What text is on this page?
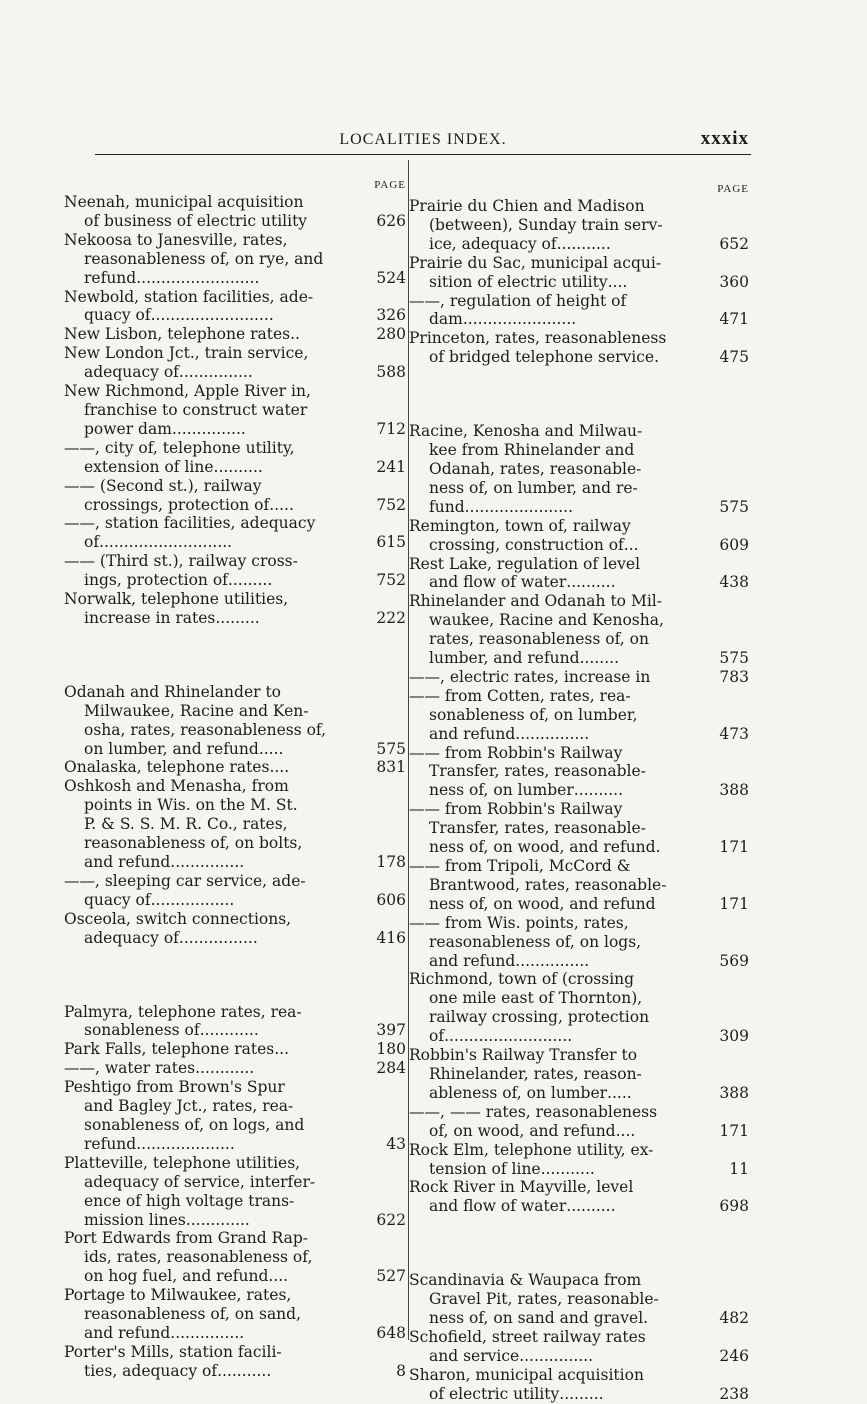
LOCALITIES INDEX.	xxxix
PAGE
Neenah, municipal acquisition
of business of electric utility	626
Nekoosa to Janesville, rates,
reasonableness of, on rye, and
refund .........................	524
Newbold, station facilities, ade-
quacy of .........................	326
New Lisbon, telephone rates ..	280
New London Jct., train service,
adequacy of ...............	588
New Richmond, Apple River in,
franchise to construct water
power dam ...............	712
——, city of, telephone utility,
extension of line ..........	241
—— (Second st.), railway
crossings, protection of .....	752
——, station facilities, adequacy
of ...........................	615
—— (Third st.), railway cross-
ings, protection of .........	752
Norwalk, telephone utilities,
increase in rates .........	222
Odanah and Rhinelander to
Milwaukee, Racine and Ken-
osha, rates, reasonableness of,
on lumber, and refund .....	575
Onalaska, telephone rates ....	831
Oshkosh and Menasha, from
points in Wis. on the M. St.
P. & S. S. M. R. Co., rates,
reasonableness of, on bolts,
and refund ...............	178
——, sleeping car service, ade-
quacy of .................	606
Osceola, switch connections,
adequacy of ................	416
Palmyra, telephone rates, rea-
sonableness of ............	397
Park Falls, telephone rates ...	180
——, water rates ............	284
Peshtigo from Brown's Spur
and Bagley Jct., rates, rea-
sonableness of, on logs, and
refund ....................	43
Platteville, telephone utilities,
adequacy of service, interfer-
ence of high voltage trans-
mission lines .............	622
Port Edwards from Grand Rap-
ids, rates, reasonableness of,
on hog fuel, and refund ....	527
Portage to Milwaukee, rates,
reasonableness of, on sand,
and refund ...............	648
Porter's Mills, station facili-
ties, adequacy of ...........	8
PAGE
Prairie du Chien and Madison
(between), Sunday train serv-
ice, adequacy of ...........	652
Prairie du Sac, municipal acqui-
sition of electric utility ....	360
——, regulation of height of
dam .......................	471
Princeton, rates, reasonableness
of bridged telephone service.	475
Racine, Kenosha and Milwau-
kee from Rhinelander and
Odanah, rates, reasonable-
ness of, on lumber, and re-
fund ......................	575
Remington, town of, railway
crossing, construction of ...	609
Rest Lake, regulation of level
and flow of water ..........	438
Rhinelander and Odanah to Mil-
waukee, Racine and Kenosha,
rates, reasonableness of, on
lumber, and refund ........	575
——, electric rates, increase in	783
—— from Cotten, rates, rea-
sonableness of, on lumber,
and refund ...............	473
—— from Robbin's Railway
Transfer, rates, reasonable-
ness of, on lumber ..........	388
—— from Robbin's Railway
Transfer, rates, reasonable-
ness of, on wood, and refund.	171
—— from Tripoli, McCord &
Brantwood, rates, reasonable-
ness of, on wood, and refund	171
—— from Wis. points, rates,
reasonableness of, on logs,
and refund ...............	569
Richmond, town of (crossing
one mile east of Thornton),
railway crossing, protection
of ..........................	309
Robbin's Railway Transfer to
Rhinelander, rates, reason-
ableness of, on lumber .....	388
——, —— rates, reasonableness
of, on wood, and refund ....	171
Rock Elm, telephone utility, ex-
tension of line ...........	11
Rock River in Mayville, level
and flow of water ..........	698
Scandinavia & Waupaca from
Gravel Pit, rates, reasonable-
ness of, on sand and gravel.	482
Schofield, street railway rates
and service ...............	246
Sharon, municipal acquisition
of electric utility .........	238
